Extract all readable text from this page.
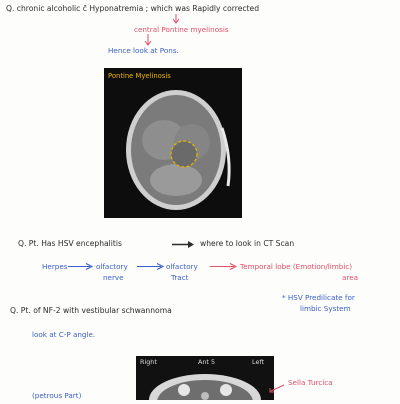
Q. chronic alcoholic c̄ Hyponatremia ; which was Rapidly corrected
central Pontine myelinosis
Hence look at Pons.
Pontine Myelinosis
Q. Pt. Has HSV encephalitis	where to look in CT Scan
Herpes	olfactory
nerve
olfactory
Tract
Temporal lobe (Emotion/limbic)
area
* HSV Predilicate for
limbic System
Q. Pt. of NF-2 with vestibular schwannoma
look at C-P angle.
Right	Ant 5	Left
Sella Turcica
(petrous Part)
